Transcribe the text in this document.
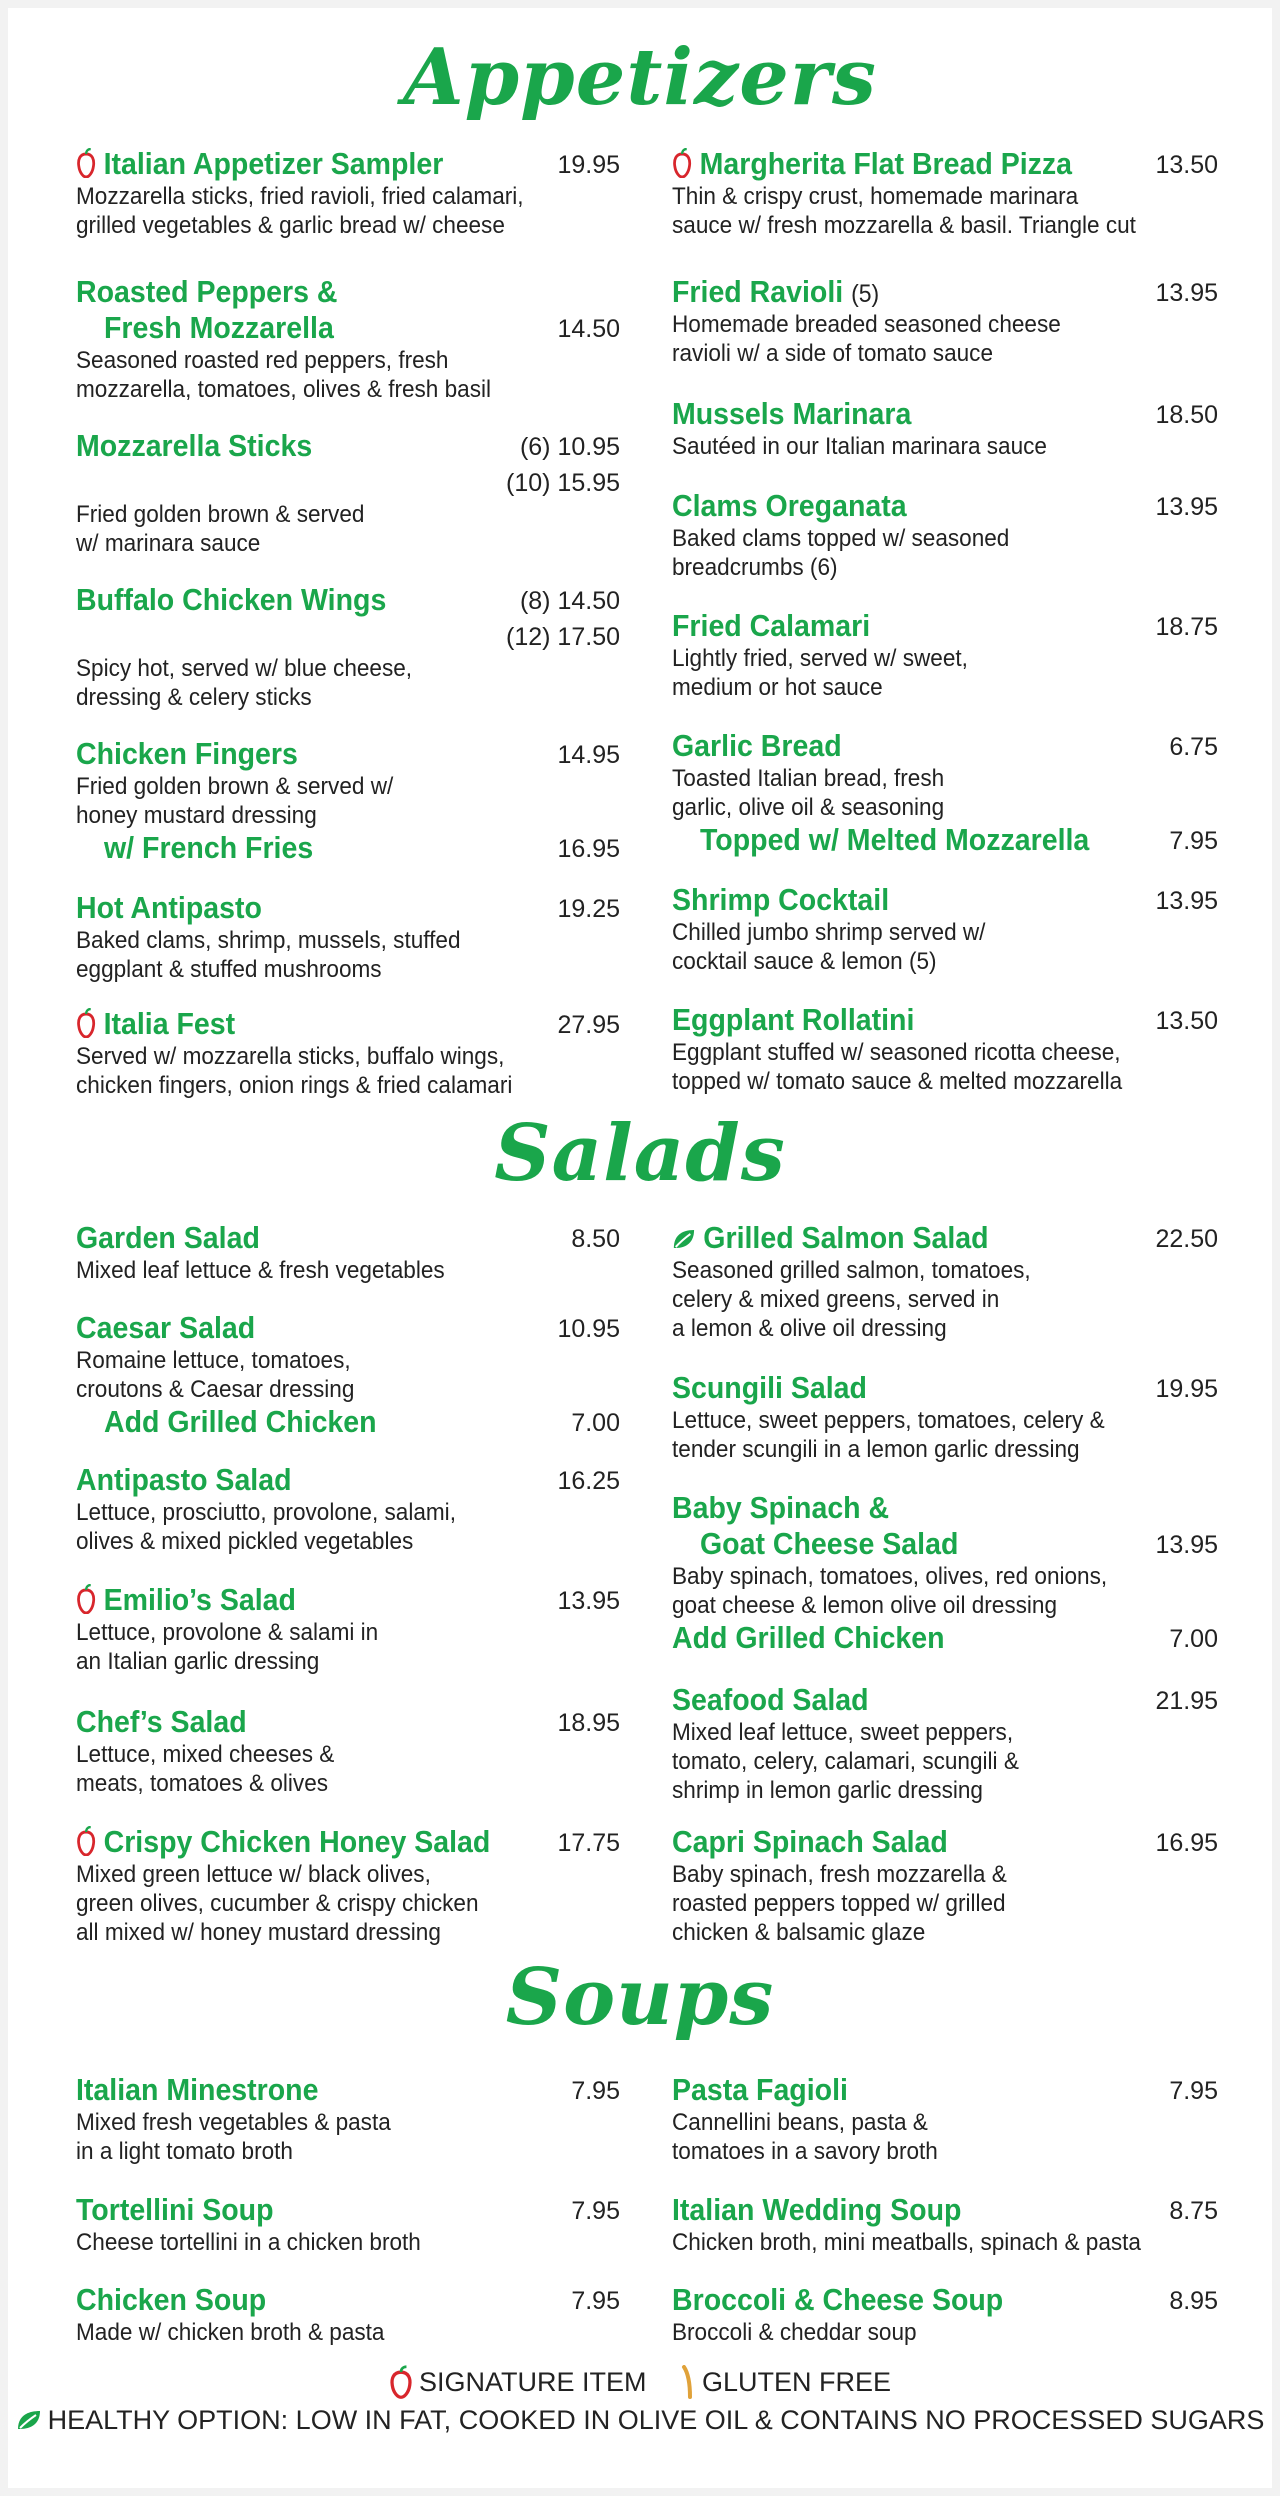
Appetizers
Italian Appetizer Sampler	19.95
Mozzarella sticks, fried ravioli, fried calamari,
grilled vegetables & garlic bread w/ cheese
Roasted Peppers &
Fresh Mozzarella	14.50
Seasoned roasted red peppers, fresh
mozzarella, tomatoes, olives & fresh basil
Mozzarella Sticks	(6) 10.95
(10) 15.95
Fried golden brown & served
w/ marinara sauce
Buffalo Chicken Wings	(8) 14.50
(12) 17.50
Spicy hot, served w/ blue cheese,
dressing & celery sticks
Chicken Fingers	14.95
Fried golden brown & served w/
honey mustard dressing
w/ French Fries	16.95
Hot Antipasto	19.25
Baked clams, shrimp, mussels, stuffed
eggplant & stuffed mushrooms
Italia Fest	27.95
Served w/ mozzarella sticks, buffalo wings,
chicken fingers, onion rings & fried calamari
Margherita Flat Bread Pizza	13.50
Thin & crispy crust, homemade marinara
sauce w/ fresh mozzarella & basil. Triangle cut
Fried Ravioli (5)	13.95
Homemade breaded seasoned cheese
ravioli w/ a side of tomato sauce
Mussels Marinara	18.50
Sautéed in our Italian marinara sauce
Clams Oreganata	13.95
Baked clams topped w/ seasoned
breadcrumbs (6)
Fried Calamari	18.75
Lightly fried, served w/ sweet,
medium or hot sauce
Garlic Bread	6.75
Toasted Italian bread, fresh
garlic, olive oil & seasoning
Topped w/ Melted Mozzarella	7.95
Shrimp Cocktail	13.95
Chilled jumbo shrimp served w/
cocktail sauce & lemon (5)
Eggplant Rollatini	13.50
Eggplant stuffed w/ seasoned ricotta cheese,
topped w/ tomato sauce & melted mozzarella
Salads
Garden Salad	8.50
Mixed leaf lettuce & fresh vegetables
Caesar Salad	10.95
Romaine lettuce, tomatoes,
croutons & Caesar dressing
Add Grilled Chicken	7.00
Antipasto Salad	16.25
Lettuce, prosciutto, provolone, salami,
olives & mixed pickled vegetables
Emilio’s Salad	13.95
Lettuce, provolone & salami in
an Italian garlic dressing
Chef’s Salad	18.95
Lettuce, mixed cheeses &
meats, tomatoes & olives
Crispy Chicken Honey Salad	17.75
Mixed green lettuce w/ black olives,
green olives, cucumber & crispy chicken
all mixed w/ honey mustard dressing
Grilled Salmon Salad	22.50
Seasoned grilled salmon, tomatoes,
celery & mixed greens, served in
a lemon & olive oil dressing
Scungili Salad	19.95
Lettuce, sweet peppers, tomatoes, celery &
tender scungili in a lemon garlic dressing
Baby Spinach &
Goat Cheese Salad	13.95
Baby spinach, tomatoes, olives, red onions,
goat cheese & lemon olive oil dressing
Add Grilled Chicken	7.00
Seafood Salad	21.95
Mixed leaf lettuce, sweet peppers,
tomato, celery, calamari, scungili &
shrimp in lemon garlic dressing
Capri Spinach Salad	16.95
Baby spinach, fresh mozzarella &
roasted peppers topped w/ grilled
chicken & balsamic glaze
Soups
Italian Minestrone	7.95
Mixed fresh vegetables & pasta
in a light tomato broth
Tortellini Soup	7.95
Cheese tortellini in a chicken broth
Chicken Soup	7.95
Made w/ chicken broth & pasta
Pasta Fagioli	7.95
Cannellini beans, pasta &
tomatoes in a savory broth
Italian Wedding Soup	8.75
Chicken broth, mini meatballs, spinach & pasta
Broccoli & Cheese Soup	8.95
Broccoli & cheddar soup
SIGNATURE ITEM GLUTEN FREE
HEALTHY OPTION: LOW IN FAT, COOKED IN OLIVE OIL & CONTAINS NO PROCESSED SUGARS
